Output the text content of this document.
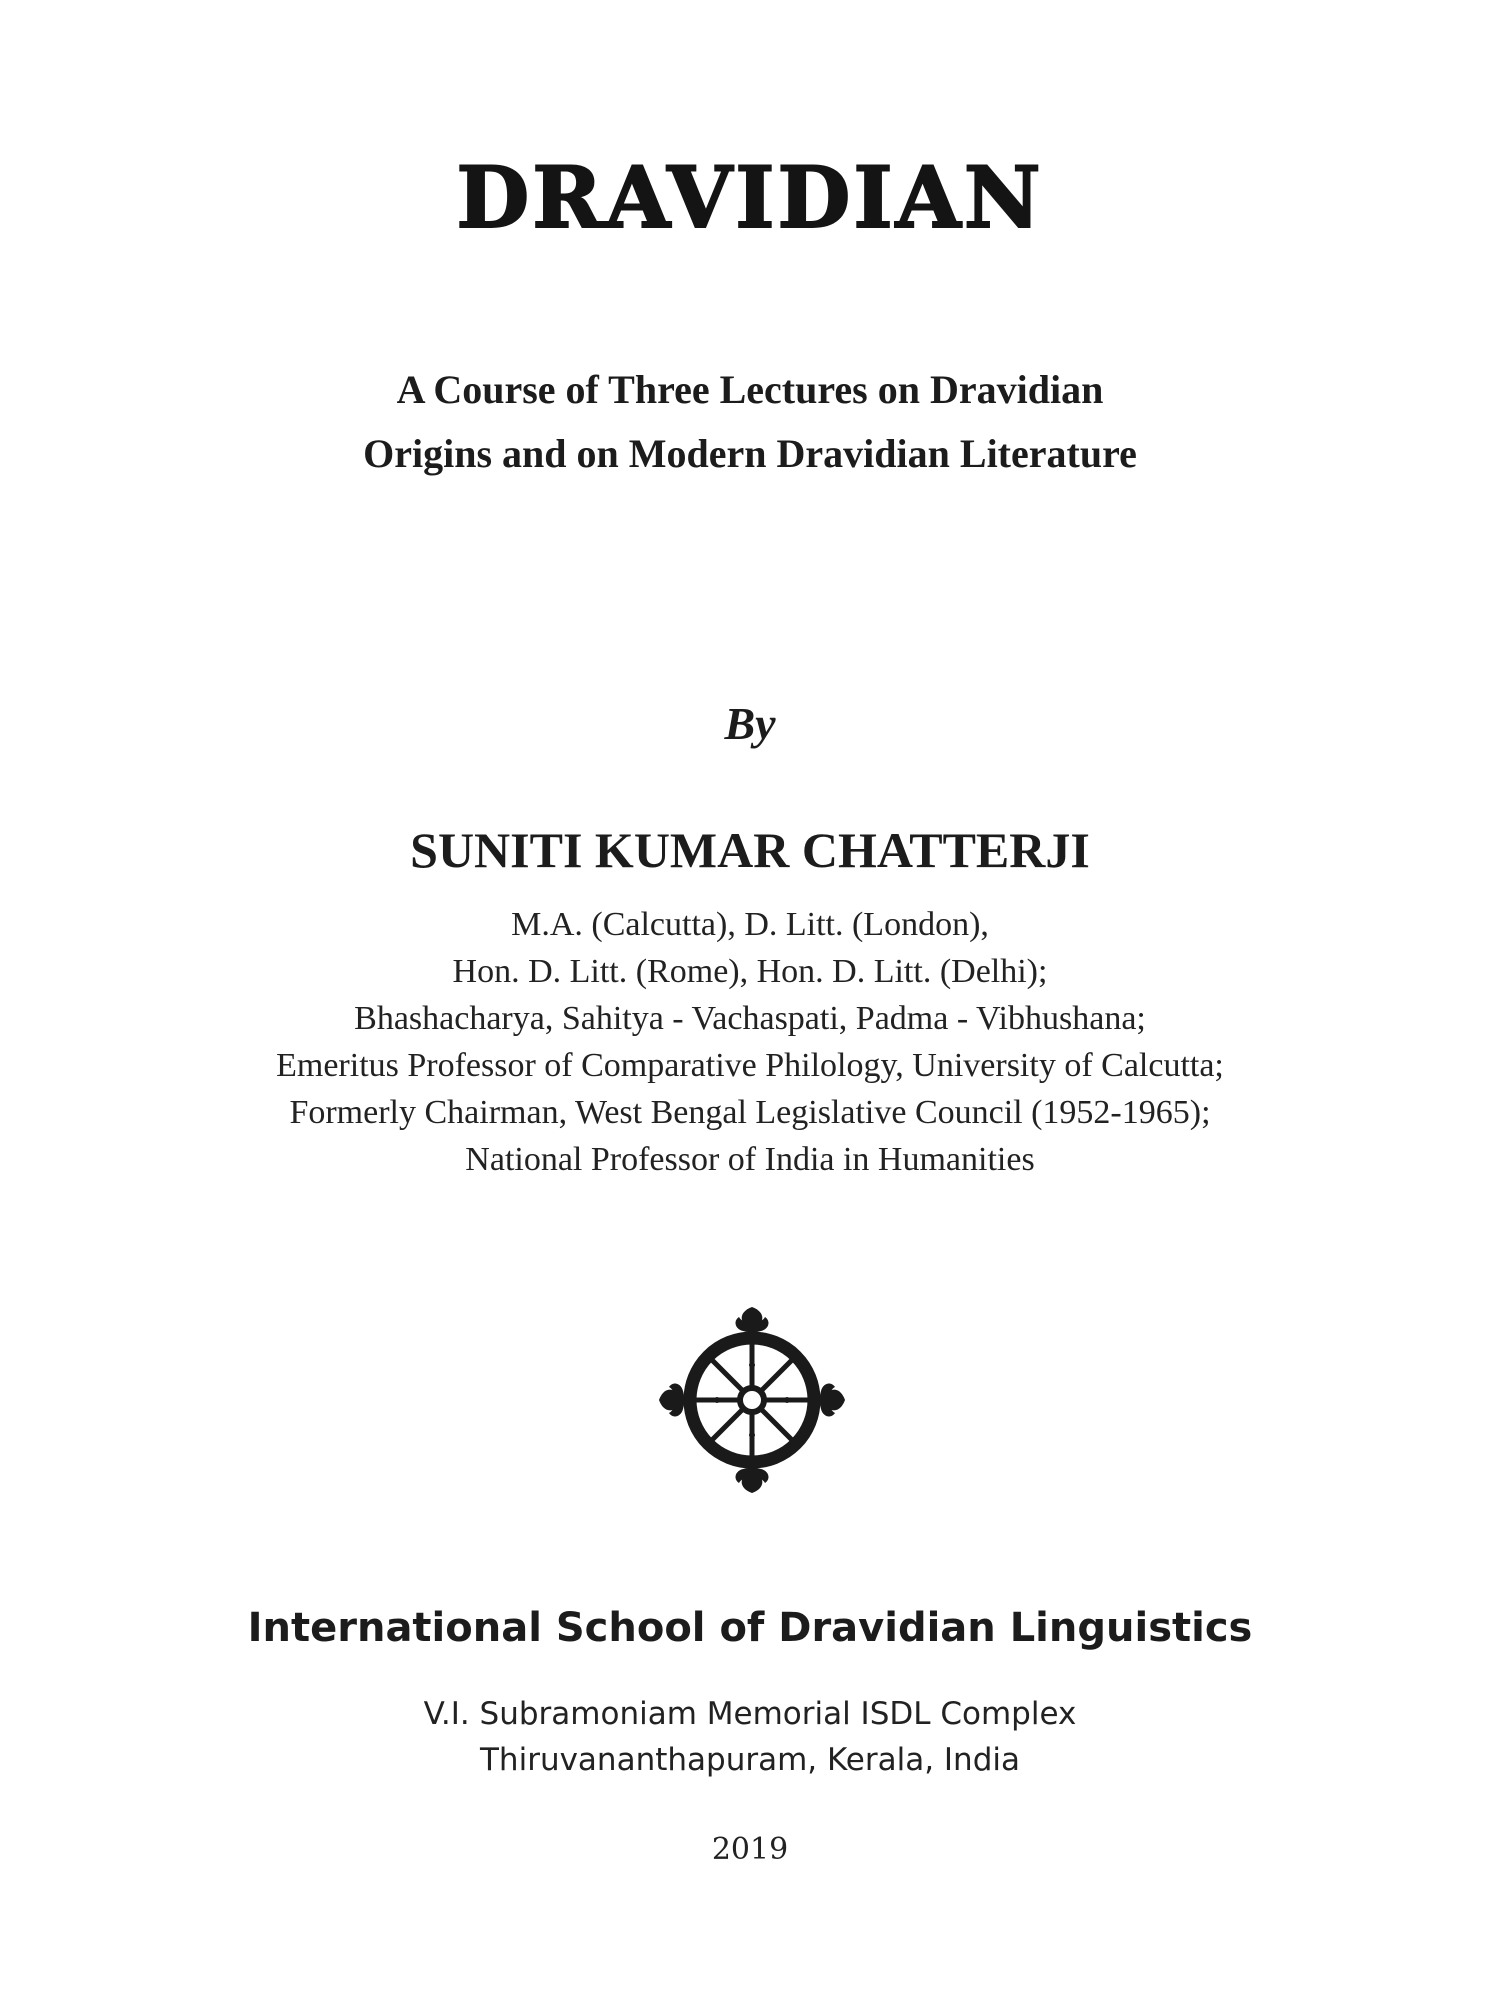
DRAVIDIAN
A Course of Three Lectures on Dravidian
Origins and on Modern Dravidian Literature
By
SUNITI KUMAR CHATTERJI
M.A. (Calcutta), D. Litt. (London),
Hon. D. Litt. (Rome), Hon. D. Litt. (Delhi);
Bhashacharya, Sahitya - Vachaspati, Padma - Vibhushana;
Emeritus Professor of Comparative Philology, University of Calcutta;
Formerly Chairman, West Bengal Legislative Council (1952-1965);
National Professor of India in Humanities
International School of Dravidian Linguistics
V.I. Subramoniam Memorial ISDL Complex
Thiruvananthapuram, Kerala, India
2019
